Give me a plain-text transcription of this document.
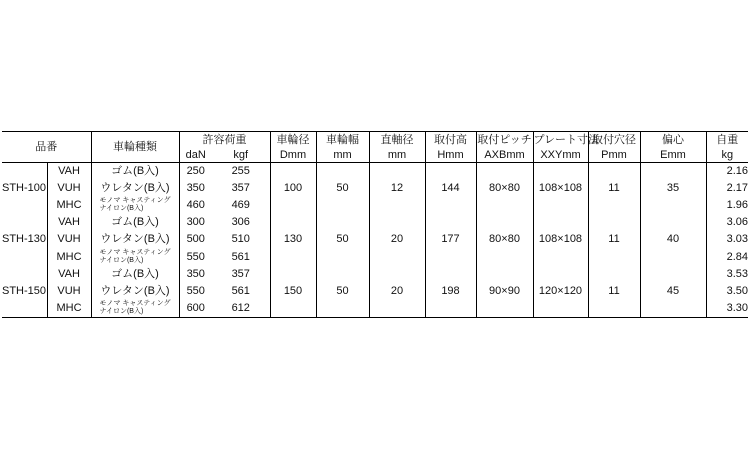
品番		車輪種類	許容荷重		車輪径	車輪幅	直軸径	取付高	取付ピッチ	プレート寸法	取付穴径	偏心	自重
			daN	kgf	Dmm	mm	mm	Hmm	AXBmm	XXYmm	Pmm	Emm	kg
STH-100	VAH	ゴム(B入)	250	255	100	50	12	144	80×80	108×108	11	35	2.16
	VUH	ウレタン(B入)	350	357									2.17
	MHC	モノマ キャスティング
ナイロン(B入)	460	469									1.96
STH-130	VAH	ゴム(B入)	300	306	130	50	20	177	80×80	108×108	11	40	3.06
	VUH	ウレタン(B入)	500	510									3.03
	MHC	モノマ キャスティング
ナイロン(B入)	550	561									2.84
STH-150	VAH	ゴム(B入)	350	357	150	50	20	198	90×90	120×120	11	45	3.53
	VUH	ウレタン(B入)	550	561									3.50
	MHC	モノマ キャスティング
ナイロン(B入)	600	612									3.30
